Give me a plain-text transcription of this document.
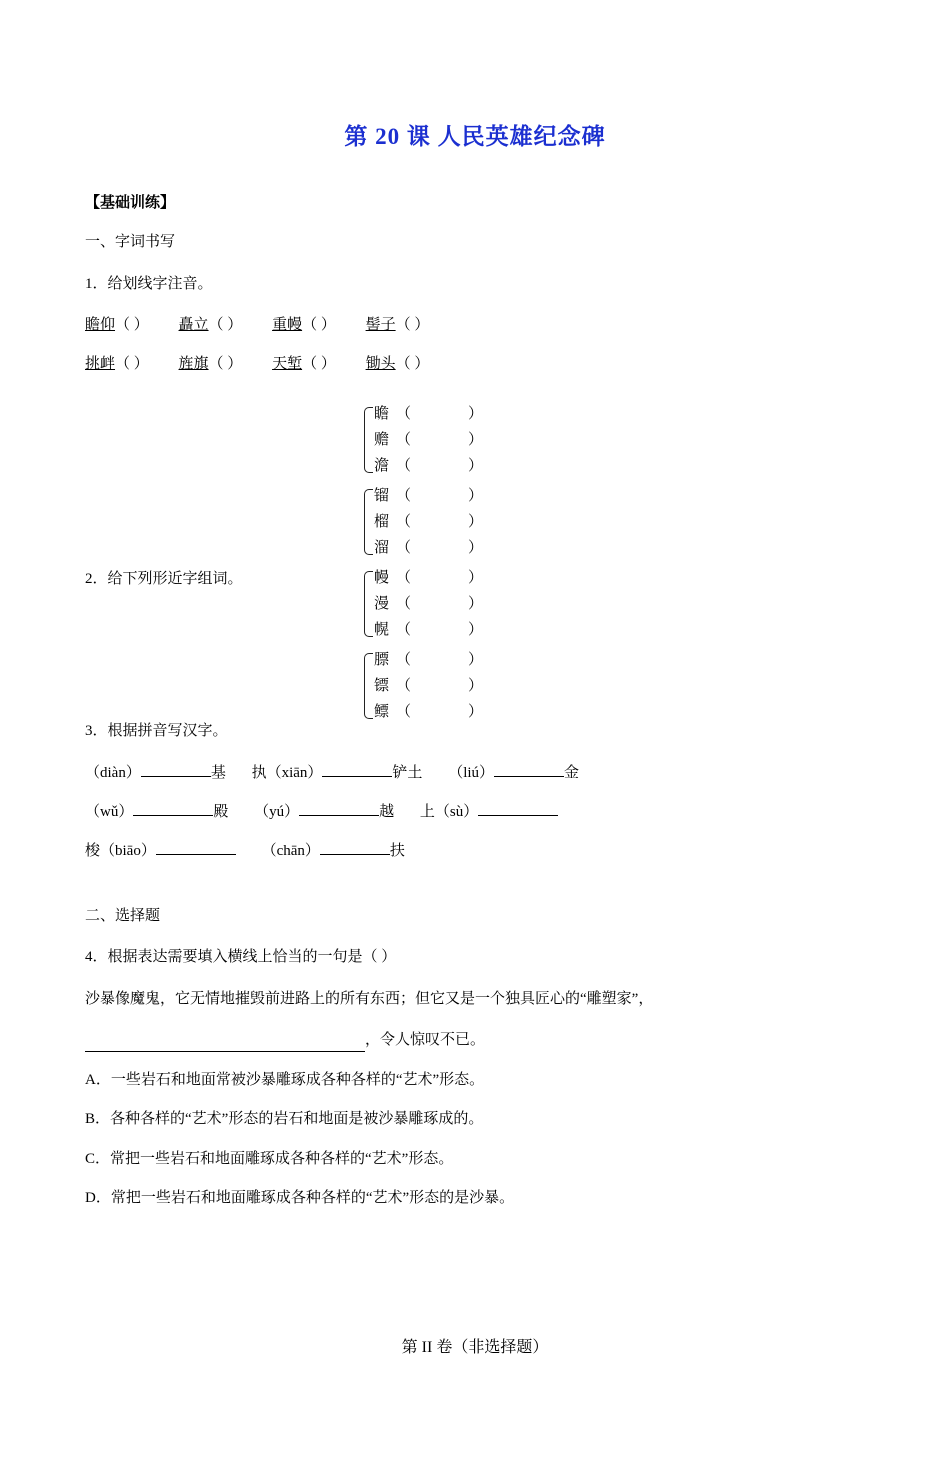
第 20 课 人民英雄纪念碑
【基础训练】
一、字词书写
1．给划线字注音。
瞻仰（ ） 矗立（ ） 重幔（ ） 髻子（ ）
挑衅（ ） 旌旗（ ） 天堑（ ） 锄头（ ）
2．给下列形近字组词。
瞻 （	）
赡 （	）
澹 （	）
镏 （	）
榴 （	）
溜 （	）
幔 （	）
漫 （	）
幌 （	）
膘 （	）
镖 （	）
鳔 （	）
3．根据拼音写汉字。
（diàn）	基 执（xiān）	铲土 （liú）	金
（wǔ）	殿 （yú）	越 上（sù）
梭（biāo）	（chān）	扶
二、选择题
4．根据表达需要填入横线上恰当的一句是（ ）
沙暴像魔鬼，它无情地摧毁前进路上的所有东西；但它又是一个独具匠心的“雕塑家”，
，令人惊叹不已。
A．一些岩石和地面常被沙暴雕琢成各种各样的“艺术”形态。
B．各种各样的“艺术”形态的岩石和地面是被沙暴雕琢成的。
C．常把一些岩石和地面雕琢成各种各样的“艺术”形态。
D．常把一些岩石和地面雕琢成各种各样的“艺术”形态的是沙暴。
第 II 卷（非选择题）
